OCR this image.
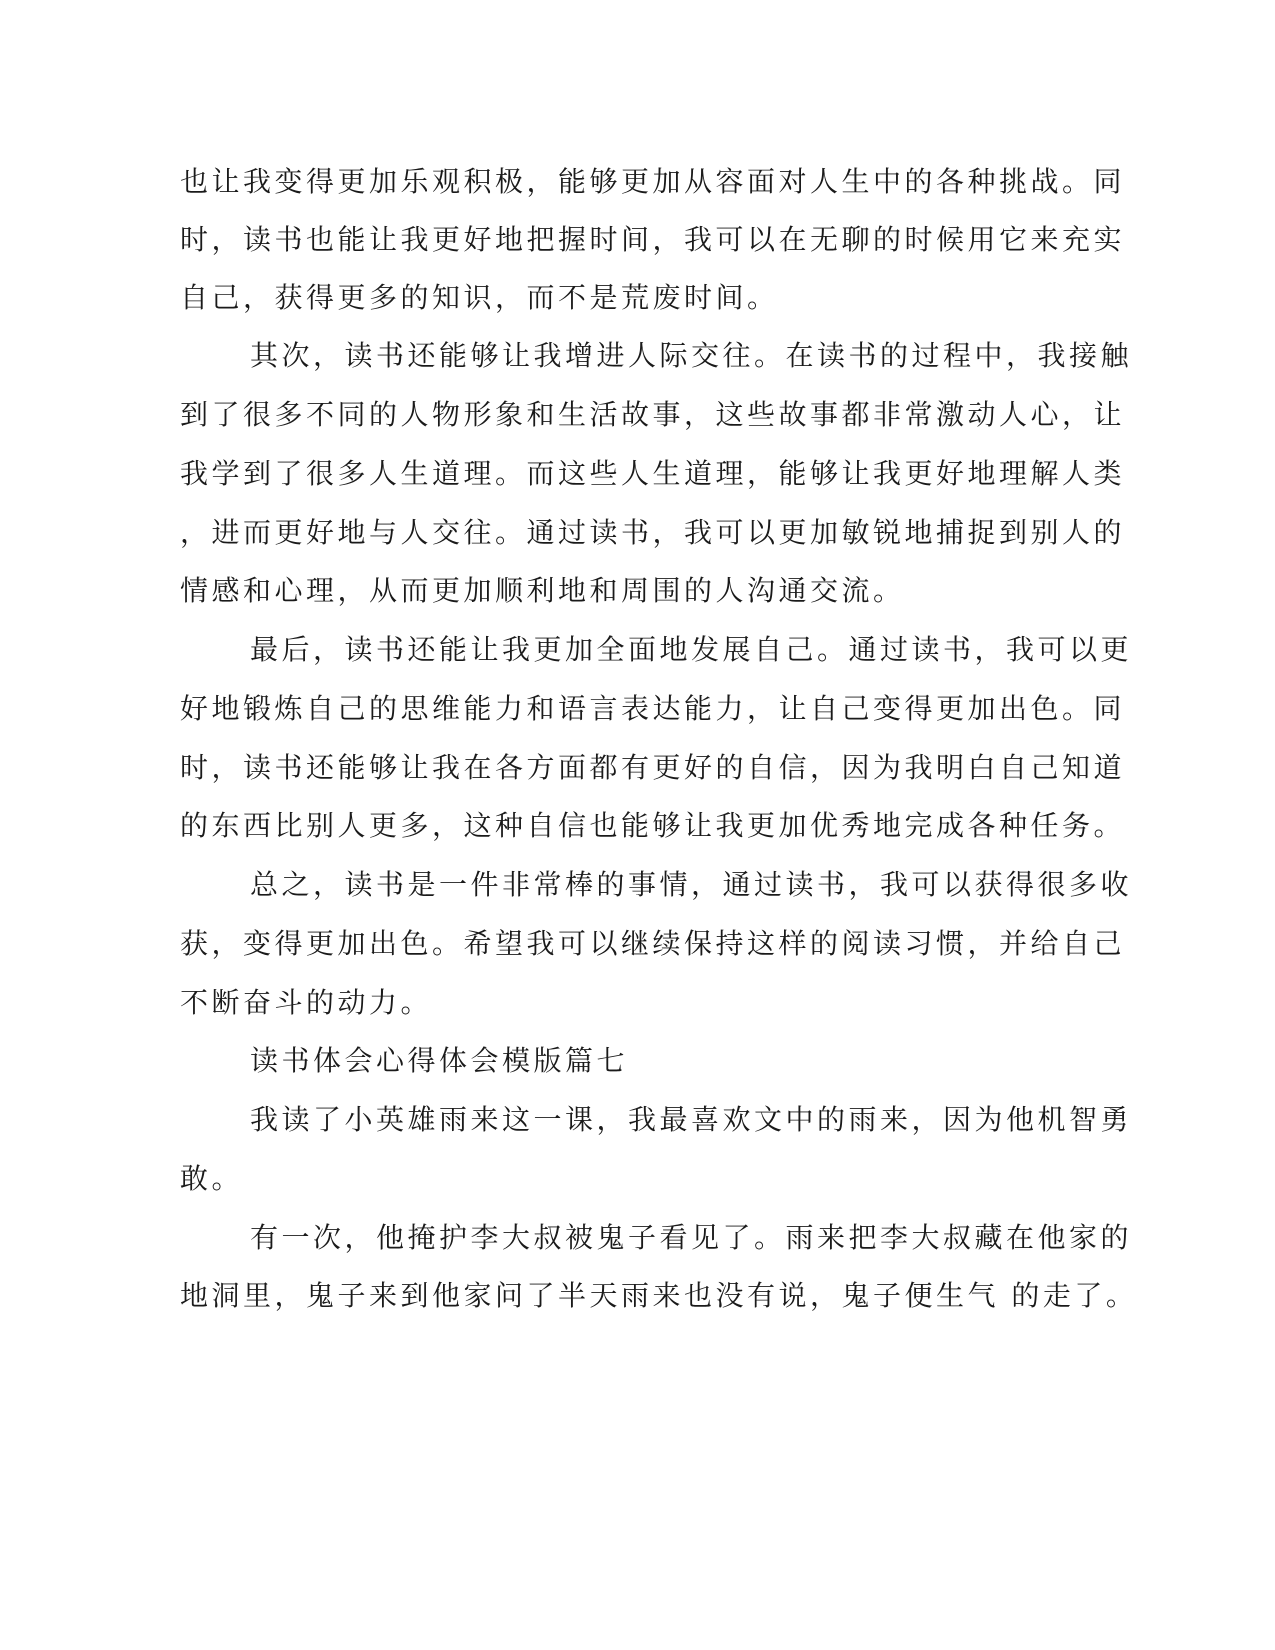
也让我变得更加乐观积极，能够更加从容面对人生中的各种挑战。同
时，读书也能让我更好地把握时间，我可以在无聊的时候用它来充实
自己，获得更多的知识，而不是荒废时间。
其次，读书还能够让我增进人际交往。在读书的过程中，我接触
到了很多不同的人物形象和生活故事，这些故事都非常激动人心，让
我学到了很多人生道理。而这些人生道理，能够让我更好地理解人类
，进而更好地与人交往。通过读书，我可以更加敏锐地捕捉到别人的
情感和心理，从而更加顺利地和周围的人沟通交流。
最后，读书还能让我更加全面地发展自己。通过读书，我可以更
好地锻炼自己的思维能力和语言表达能力，让自己变得更加出色。同
时，读书还能够让我在各方面都有更好的自信，因为我明白自己知道
的东西比别人更多，这种自信也能够让我更加优秀地完成各种任务。
总之，读书是一件非常棒的事情，通过读书，我可以获得很多收
获，变得更加出色。希望我可以继续保持这样的阅读习惯，并给自己
不断奋斗的动力。
读书体会心得体会模版篇七
我读了小英雄雨来这一课，我最喜欢文中的雨来，因为他机智勇
敢。
有一次，他掩护李大叔被鬼子看见了。雨来把李大叔藏在他家的
地洞里，鬼子来到他家问了半天雨来也没有说，鬼子便生气 的走了。
